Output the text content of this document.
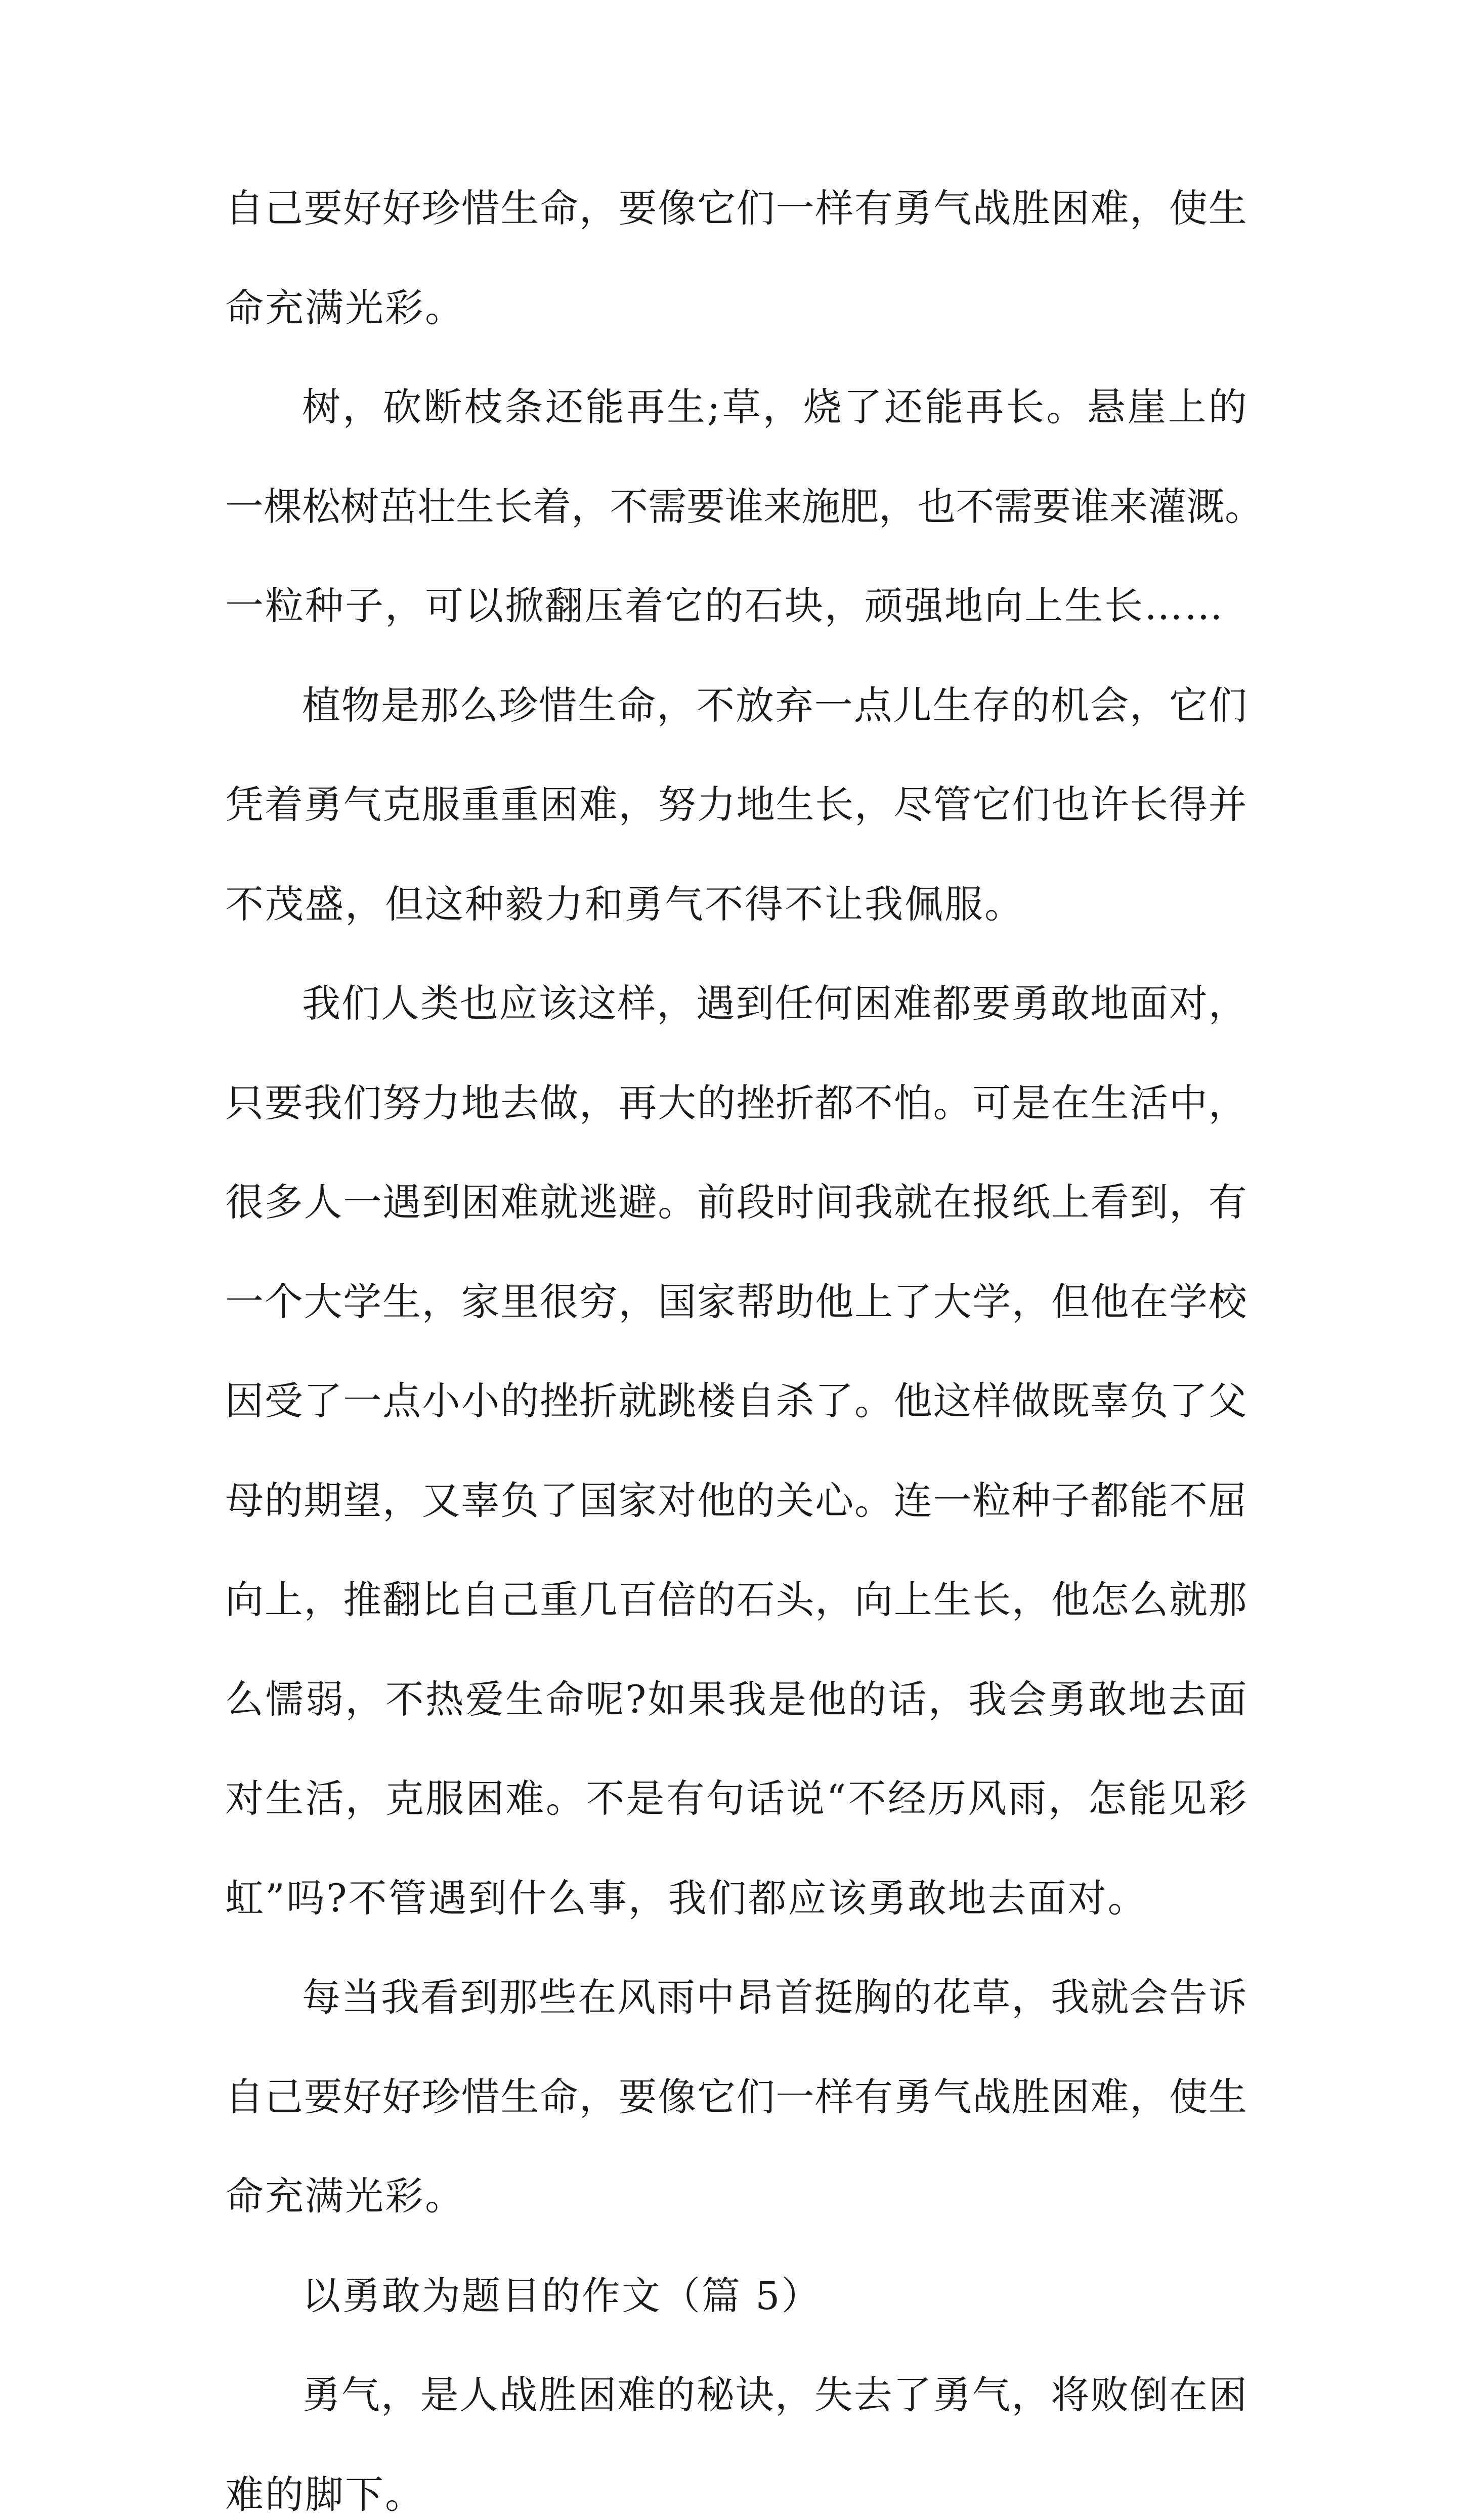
自 己 要 好 好 珍 惜 生 命 ， 要 像 它 们 一 样 有 勇 气 战 胜 困 难 ， 使 生
命充满光彩。
树 ， 砍 断 枝 条 还 能 再 生 ; 草 ， 烧 了 还 能 再 长 。 悬 崖 上 的
一 棵 松 树 茁 壮 生 长 着 ， 不 需 要 谁 来 施 肥 ， 也 不 需 要 谁 来 灌 溉 。
一粒种子，可以掀翻压着它的石块，顽强地向上生长……
植 物 是 那 么 珍 惜 生 命 ， 不 放 弃 一 点 儿 生 存 的 机 会 ， 它 们
凭 着 勇 气 克 服 重 重 困 难 ， 努 力 地 生 长 ， 尽 管 它 们 也 许 长 得 并
不茂盛，但这种毅力和勇气不得不让我佩服。
我 们 人 类 也 应 该 这 样 ， 遇 到 任 何 困 难 都 要 勇 敢 地 面 对 ，
只 要 我 们 努 力 地 去 做 ， 再 大 的 挫 折 都 不 怕 。 可 是 在 生 活 中 ，
很 多 人 一 遇 到 困 难 就 逃 避 。 前 段 时 间 我 就 在 报 纸 上 看 到 ， 有
一 个 大 学 生 ， 家 里 很 穷 ， 国 家 帮 助 他 上 了 大 学 ， 但 他 在 学 校
因 受 了 一 点 小 小 的 挫 折 就 跳 楼 自 杀 了 。 他 这 样 做 既 辜 负 了 父
母 的 期 望 ， 又 辜 负 了 国 家 对 他 的 关 心 。 连 一 粒 种 子 都 能 不 屈
向 上 ， 推 翻 比 自 己 重 几 百 倍 的 石 头 ， 向 上 生 长 ， 他 怎 么 就 那
么 懦 弱 ， 不 热 爱 生 命 呢 ? 如 果 我 是 他 的 话 ， 我 会 勇 敢 地 去 面
对 生 活 ， 克 服 困 难 。 不 是 有 句 话 说 “ 不 经 历 风 雨 ， 怎 能 见 彩
虹”吗?不管遇到什么事，我们都应该勇敢地去面对。
每 当 我 看 到 那 些 在 风 雨 中 昂 首 挺 胸 的 花 草 ， 我 就 会 告 诉
自 己 要 好 好 珍 惜 生 命 ， 要 像 它 们 一 样 有 勇 气 战 胜 困 难 ， 使 生
命充满光彩。
以勇敢为题目的作文（篇 5）
勇 气 ， 是 人 战 胜 困 难 的 秘 诀 ， 失 去 了 勇 气 ， 将 败 倒 在 困
难的脚下。
